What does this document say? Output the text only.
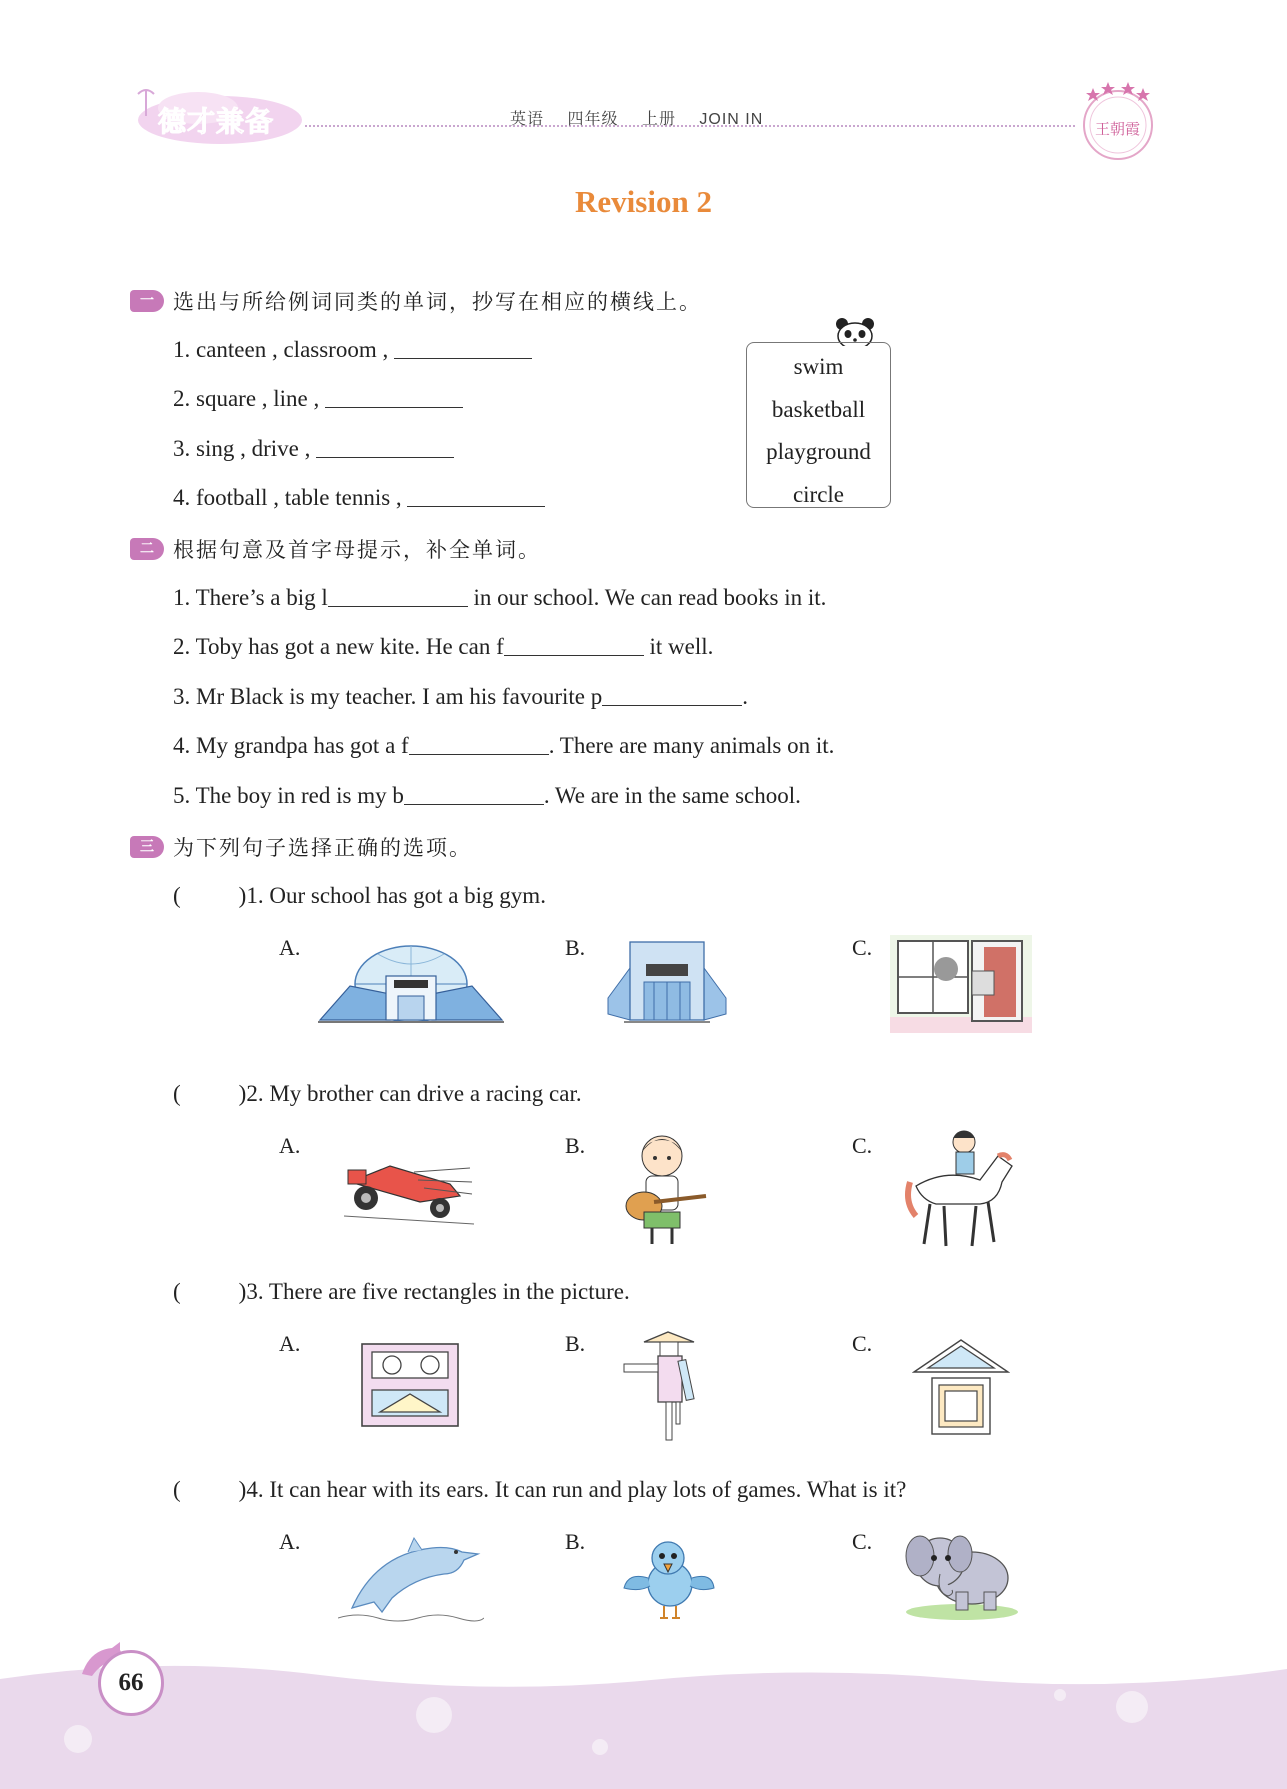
德才兼备	英语 四年级 上册 JOIN IN
王朝霞
Revision 2
一 选出与所给例词同类的单词，抄写在相应的横线上。
1. canteen , classroom ,
2. square , line ,
3. sing , drive ,
4. football , table tennis ,
swim
basketball
playground
circle
二 根据句意及首字母提示，补全单词。
1. There’s a big l	in our school. We can read books in it.
2. Toby has got a new kite. He can f	it well.
3. Mr Black is my teacher. I am his favourite p	.
4. My grandpa has got a f	. There are many animals on it.
5. The boy in red is my b	. We are in the same school.
三 为下列句子选择正确的选项。
(	)1. Our school has got a big gym.
A.	B.	C.
(	)2. My brother can drive a racing car.
A.	B.	C.
(	)3. There are five rectangles in the picture.
A.	B.	C.
(	)4. It can hear with its ears. It can run and play lots of games. What is it?
A.	B.	C.
66
